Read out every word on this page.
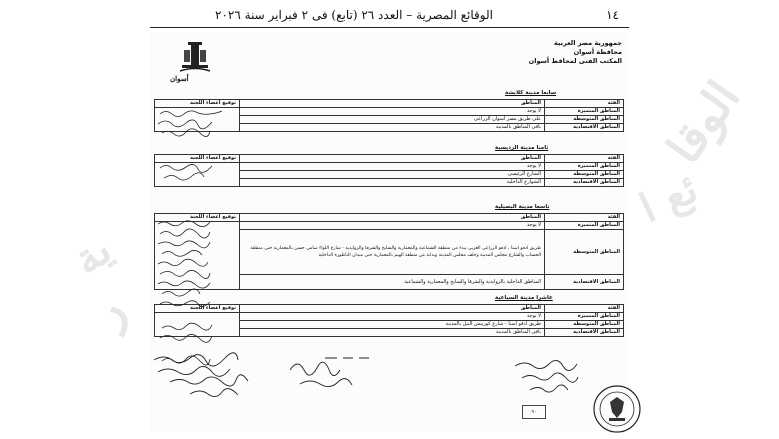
الوقائع المصرية – العدد ٢٦ (تابع) فى ٢ فبراير سنة ٢٠٢٦	١٤
الوقا
ئع ا
ية
ر
جمهورية مصر العربية
محافظة أسوان
المكتب الفنى لمحافظ أسوان
أسوان
سابعا مدينة كلابشة
الفئة	المناطق	توقيع أعضاء اللجنة
المناطق المتميزة	لا يوجد	
المناطق المتوسطة	على طريق مصر أسوان الزراعى	
المناطق الاقتصادية	باقى المناطق بالمدينة	
ثامنا مدينة الرديسية
الفئة	المناطق	توقيع أعضاء اللجنة
المناطق المتميزة	لا يوجد	
المناطق المتوسطة	الشارع الرئيسى	
المناطق الاقتصادية	الشوارع الداخلية	
تاسعا مدينة البصيلية
الفئة	المناطق	توقيع أعضاء اللجنة
المناطق المتميزة	لا يوجد	
المناطق المتوسطة	طريق ادفو اسنا ، ادفو الزراعى الغربى يبدء من منطقة الشماعية والمعمارية والسايح والشرفا والزوايدية - شارع اللواء سامى حسن بالمعمارية حتى منطقة الحساب والشارع مجلس المدينة وخلف مجلس المدينة وبداية من منطقة الهيم بالمعمارية حتى ميدان الناظورة الداخلية	
المناطق الاقتصادية	المناطق الداخلية بالزوايدية والشرفا والسايح والمعمارية والشماعية	
عاشرا مدينة السباعية
الفئة	المناطق	توقيع أعضاء اللجنة
المناطق المتميزة	لا يوجد	
المناطق المتوسطة	طريق ادفو اسنا - شارع كورنيش النيل بالمدينة	
المناطق الاقتصادية	باقى المناطق بالمدينة	
٩٠
